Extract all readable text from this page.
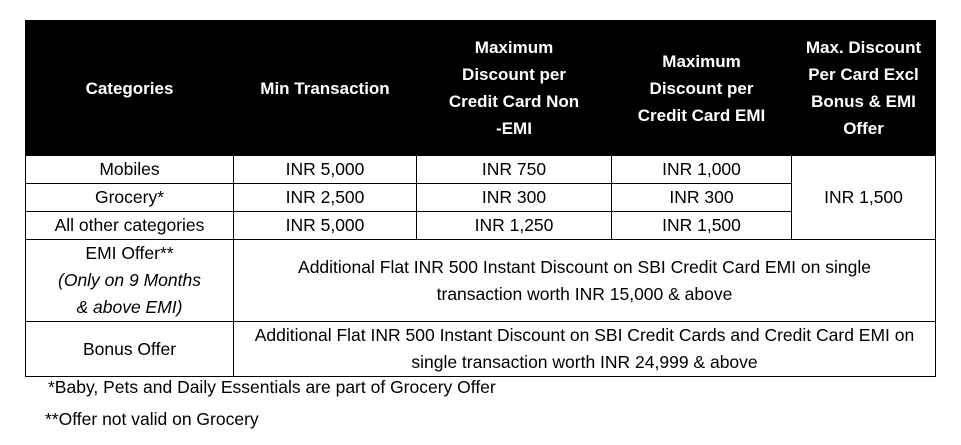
Categories	Min Transaction	Maximum Discount per Credit Card Non -EMI	Maximum Discount per Credit Card EMI	Max. Discount Per Card Excl Bonus & EMI Offer
Mobiles	INR 5,000	INR 750	INR 1,000	INR 1,500
Grocery*	INR 2,500	INR 300	INR 300	
All other categories	INR 5,000	INR 1,250	INR 1,500	

EMI Offer**
(Only on 9 Months
& above EMI)	Additional Flat INR 500 Instant Discount on SBI Credit Card EMI on single transaction worth INR 15,000 & above			
Bonus Offer	Additional Flat INR 500 Instant Discount on SBI Credit Cards and Credit Card EMI on single transaction worth INR 24,999 & above			
*Baby, Pets and Daily Essentials are part of Grocery Offer
**Offer not valid on Grocery
